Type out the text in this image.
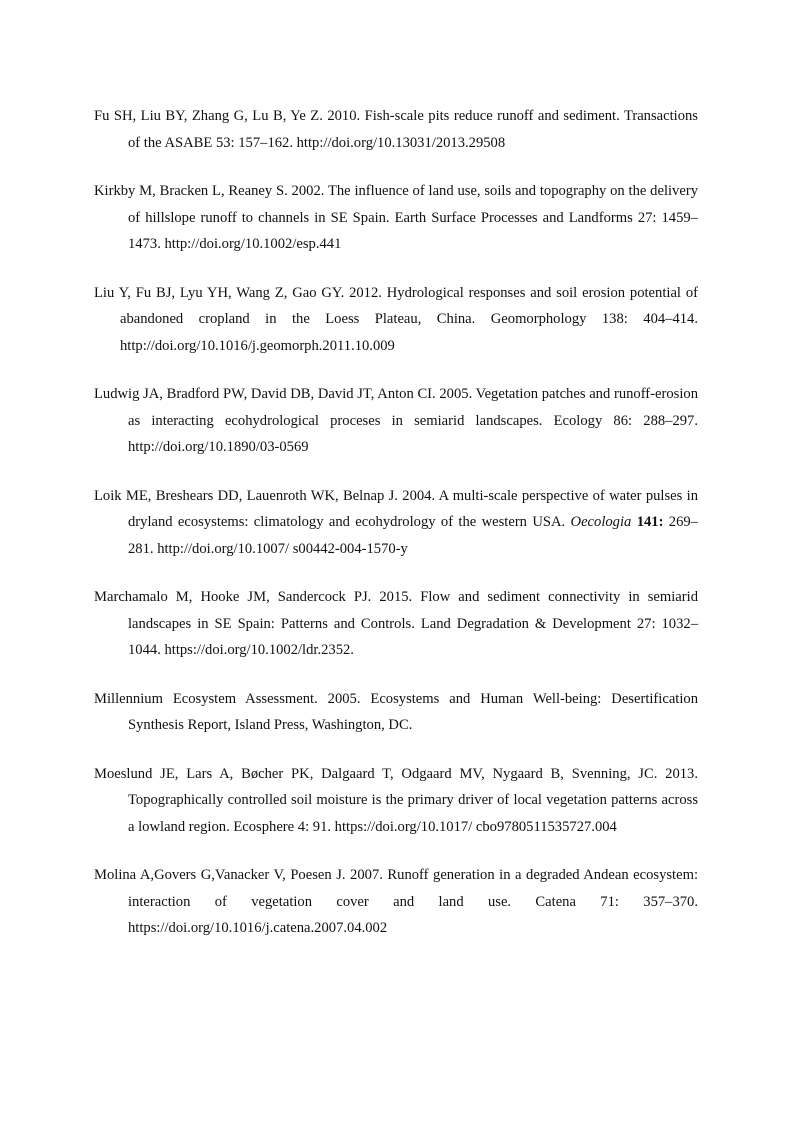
Fu SH, Liu BY, Zhang G, Lu B, Ye Z. 2010. Fish-scale pits reduce runoff and sediment. Transactions of the ASABE 53: 157–162. http://doi.org/10.13031/2013.29508
Kirkby M, Bracken L, Reaney S. 2002. The influence of land use, soils and topography on the delivery of hillslope runoff to channels in SE Spain. Earth Surface Processes and Landforms 27: 1459–1473. http://doi.org/10.1002/esp.441
Liu Y, Fu BJ, Lyu YH, Wang Z, Gao GY. 2012. Hydrological responses and soil erosion potential of abandoned cropland in the Loess Plateau, China. Geomorphology 138: 404–414. http://doi.org/10.1016/j.geomorph.2011.10.009
Ludwig JA, Bradford PW, David DB, David JT, Anton CI. 2005. Vegetation patches and runoff-erosion as interacting ecohydrological proceses in semiarid landscapes. Ecology 86: 288–297. http://doi.org/10.1890/03-0569
Loik ME, Breshears DD, Lauenroth WK, Belnap J. 2004. A multi-scale perspective of water pulses in dryland ecosystems: climatology and ecohydrology of the western USA. Oecologia 141: 269–281. http://doi.org/10.1007/ s00442-004-1570-y
Marchamalo M, Hooke JM, Sandercock PJ. 2015. Flow and sediment connectivity in semiarid landscapes in SE Spain: Patterns and Controls. Land Degradation & Development 27: 1032–1044. https://doi.org/10.1002/ldr.2352.
Millennium Ecosystem Assessment. 2005. Ecosystems and Human Well-being: Desertification Synthesis Report, Island Press, Washington, DC.
Moeslund JE, Lars A, Bøcher PK, Dalgaard T, Odgaard MV, Nygaard B, Svenning, JC. 2013. Topographically controlled soil moisture is the primary driver of local vegetation patterns across a lowland region. Ecosphere 4: 91. https://doi.org/10.1017/ cbo9780511535727.004
Molina A,Govers G,Vanacker V, Poesen J. 2007. Runoff generation in a degraded Andean ecosystem: interaction of vegetation cover and land use. Catena 71: 357–370. https://doi.org/10.1016/j.catena.2007.04.002
